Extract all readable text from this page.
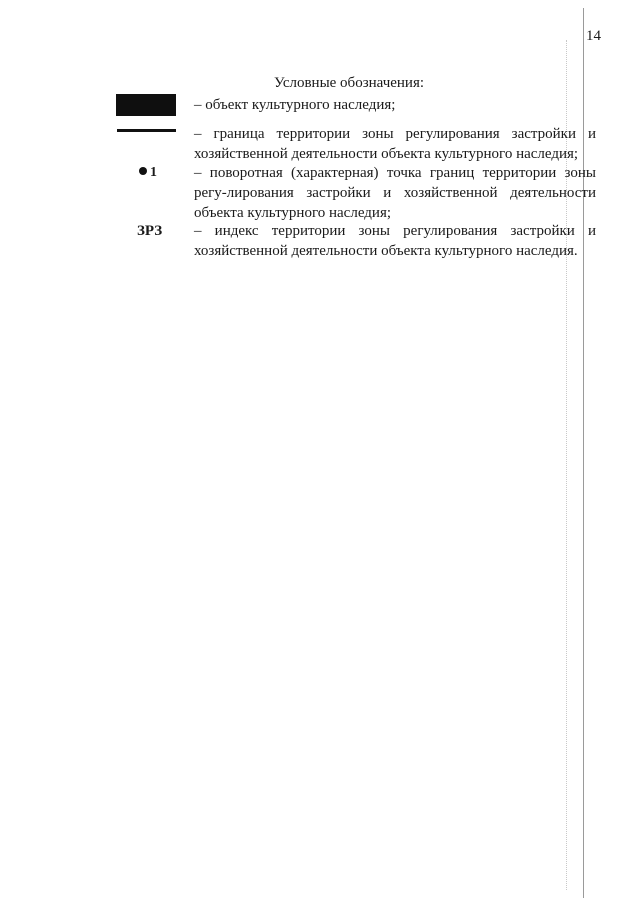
14
Условные обозначения:
– объект культурного наследия;
– граница территории зоны регулирования застройки и хозяйственной деятельности объекта культурного наследия;
1 – поворотная (характерная) точка границ территории зоны регу-лирования застройки и хозяйственной деятельности объекта культурного наследия;
ЗРЗ – индекс территории зоны регулирования застройки и хозяйственной деятельности объекта культурного наследия.
